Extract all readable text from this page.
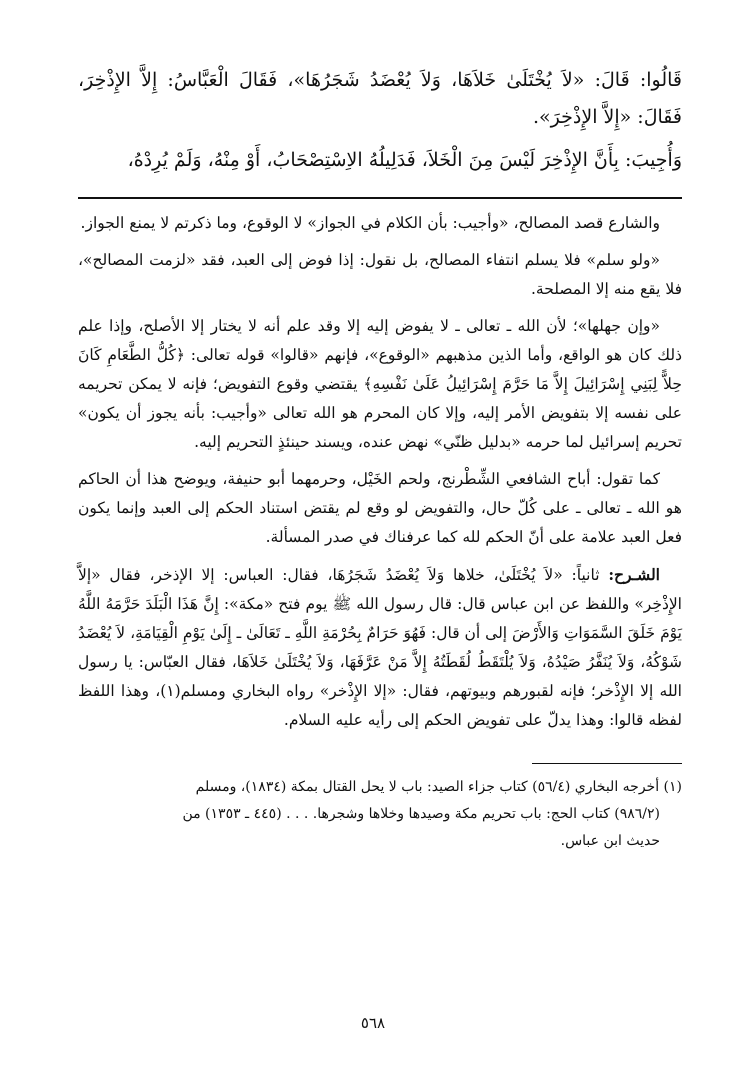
قَالُوا: قَالَ: «لاَ يُخْتَلَىٰ خَلاَهَا، وَلاَ يُعْضَدُ شَجَرُهَا»، فَقَالَ الْعَبَّاسُ: إِلاَّ الإِذْخِرَ، فَقَالَ: «إِلاَّ الإِذْخِرَ».

وَأُجِيبَ: بِأَنَّ الإِذْخِرَ لَيْسَ مِنَ الْخَلاَ، فَدَلِيلُهُ الاِسْتِصْحَابُ، أَوْ مِنْهُ، وَلَمْ يُرِدْهُ،

والشارع قصد المصالح، «وأجيب: بأن الكلام في الجواز» لا الوقوع، وما ذكرتم لا يمنع الجواز.

«ولو سلم» فلا يسلم انتفاء المصالح، بل نقول: إذا فوض إلى العبد، فقد «لزمت المصالح»، فلا يقع منه إلا المصلحة.

«وإن جهلها»؛ لأن الله ـ تعالى ـ لا يفوض إليه إلا وقد علم أنه لا يختار إلا الأصلح، وإذا علم ذلك كان هو الواقع، وأما الذين مذهبهم «الوقوع»، فإنهم «قالوا» قوله تعالى: ﴿كُلُّ الطَّعَامِ كَانَ حِلاًّ لِبَنِي إِسْرَائِيلَ إِلاَّ مَا حَرَّمَ إِسْرَائِيلُ عَلَىٰ نَفْسِهِ﴾ يقتضي وقوع التفويض؛ فإنه لا يمكن تحريمه على نفسه إلا بتفويض الأمر إليه، وإلا كان المحرم هو الله تعالى «وأجيب: بأنه يجوز أن يكون» تحريم إسرائيل لما حرمه «بدليل ظنّي» نهض عنده، ويسند حينئذٍ التحريم إليه.

كما تقول: أباح الشافعي الشِّطْرنج، ولحم الخَيْل، وحرمهما أبو حنيفة، ويوضح هذا أن الحاكم هو الله ـ تعالى ـ على كُلّ حال، والتفويض لو وقع لم يقتض استناد الحكم إلى العبد وإنما يكون فعل العبد علامة على أنّ الحكم لله كما عرفناك في صدر المسألة.

الشـرح: ثانياً: «لاَ يُخْتَلَىٰ، خلاها وَلاَ يُعْضَدُ شَجَرُهَا، فقال: العباس: إلا الإذخر، فقال «إلاَّ الإِذْخِر» واللفظ عن ابن عباس قال: قال رسول الله ﷺ يوم فتح «مكة»: إِنَّ هَذَا الْبَلَدَ حَرَّمَهُ اللَّهُ يَوْمَ خَلَقَ السَّمَوَاتِ وَالأَرْضَ إلى أن قال: فَهُوَ حَرَامٌ بِحُرْمَةِ اللَّهِ ـ تَعَالَىٰ ـ إِلَىٰ يَوْمِ الْقِيَامَةِ، لاَ يُعْضَدُ شَوْكُهُ، وَلاَ يُنَفَّرُ صَيْدُهُ، وَلاَ يُلْتَقَطُ لُقَطَتُهُ إِلاَّ مَنْ عَرَّفَهَا، وَلاَ يُخْتَلَىٰ خَلاَهَا، فقال العبّاس: يا رسول الله إلا الإِذْخر؛ فإنه لقبورهم وبيوتهم، فقال: «إلا الإِذْخر» رواه البخاري ومسلم(١)، وهذا اللفظ لفظه قالوا: وهذا يدلّ على تفويض الحكم إلى رأيه عليه السلام.

(١) أخرجه البخاري (٥٦/٤) كتاب جزاء الصيد: باب لا يحل القتال بمكة (١٨٣٤)، ومسلم

(٩٨٦/٢) كتاب الحج: باب تحريم مكة وصيدها وخلاها وشجرها. . . . (٤٤٥ ـ ١٣٥٣) من

حديث ابن عباس.

٥٦٨
